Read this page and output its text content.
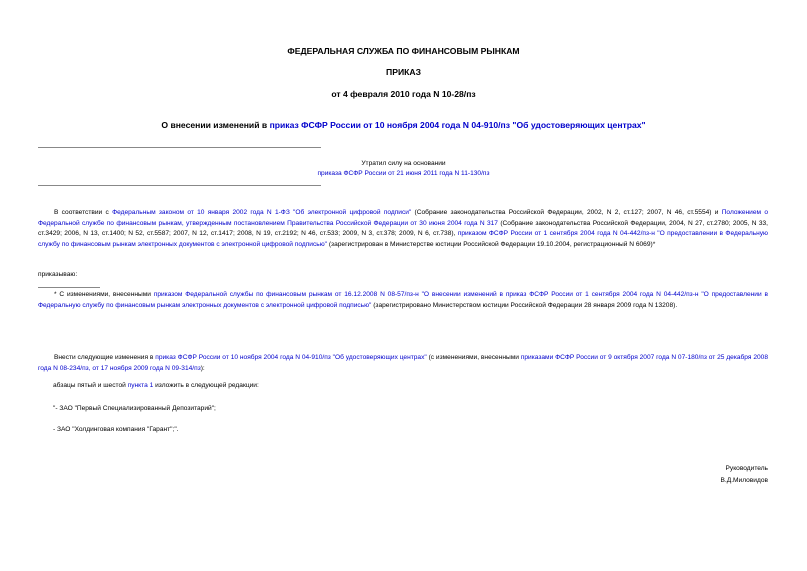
ФЕДЕРАЛЬНАЯ СЛУЖБА ПО ФИНАНСОВЫМ РЫНКАМ
ПРИКАЗ
от 4 февраля 2010 года N 10-28/пз
О внесении изменений в приказ ФСФР России от 10 ноября 2004 года N 04-910/пз "Об удостоверяющих центрах"
Утратил силу на основании
приказа ФСФР России от 21 июня 2011 года N 11-130/пз
В соответствии с Федеральным законом от 10 января 2002 года N 1-ФЗ "Об электронной цифровой подписи" (Собрание законодательства Российской Федерации, 2002, N 2, ст.127; 2007, N 46, ст.5554) и Положением о Федеральной службе по финансовым рынкам, утвержденным постановлением Правительства Российской Федерации от 30 июня 2004 года N 317 (Собрание законодательства Российской Федерации, 2004, N 27, ст.2780; 2005, N 33, ст.3429; 2006, N 13, ст.1400; N 52, ст.5587; 2007, N 12, ст.1417; 2008, N 19, ст.2192; N 46, ст.533; 2009, N 3, ст.378; 2009, N 6, ст.738), приказом ФСФР России от 1 сентября 2004 года N 04-442/пз-н "О предоставлении в Федеральную службу по финансовым рынкам электронных документов с электронной цифровой подписью" (зарегистрирован в Министерстве юстиции Российской Федерации 19.10.2004, регистрационный N 6069)*
приказываю:
* С изменениями, внесенными приказом Федеральной службы по финансовым рынкам от 16.12.2008 N 08-57/пз-н "О внесении изменений в приказ ФСФР России от 1 сентября 2004 года N 04-442/пз-н "О предоставлении в Федеральную службу по финансовым рынкам электронных документов с электронной цифровой подписью" (зарегистрировано Министерством юстиции Российской Федерации 28 января 2009 года N 13208).
Внести следующие изменения в приказ ФСФР России от 10 ноября 2004 года N 04-910/пз "Об удостоверяющих центрах" (с изменениями, внесенными приказами ФСФР России от 9 октября 2007 года N 07-180/пз от 25 декабря 2008 года N 08-234/пз, от 17 ноября 2009 года N 09-314/пз):
абзацы пятый и шестой пункта 1 изложить в следующей редакции:
"- ЗАО "Первый Специализированный Депозитарий";
- ЗАО "Холдинговая компания "Гарант";".
Руководитель
В.Д.Миловидов
